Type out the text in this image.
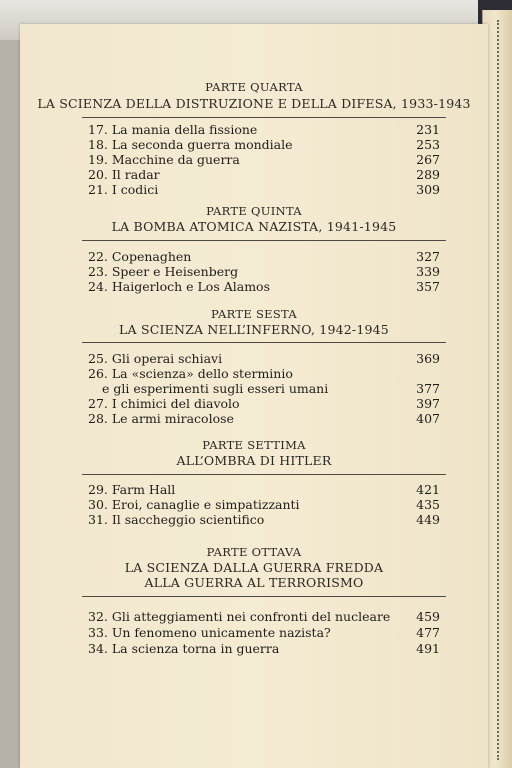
PARTE QUARTA
LA SCIENZA DELLA DISTRUZIONE E DELLA DIFESA, 1933-1943
17. La mania della fissione	231
18. La seconda guerra mondiale	253
19. Macchine da guerra	267
20. Il radar	289
21. I codici	309
PARTE QUINTA
LA BOMBA ATOMICA NAZISTA, 1941-1945
22. Copenaghen	327
23. Speer e Heisenberg	339
24. Haigerloch e Los Alamos	357
PARTE SESTA
LA SCIENZA NELL’INFERNO, 1942-1945
25. Gli operai schiavi	369
26. La «scienza» dello sterminio
e gli esperimenti sugli esseri umani	377
27. I chimici del diavolo	397
28. Le armi miracolose	407
PARTE SETTIMA
ALL’OMBRA DI HITLER
29. Farm Hall	421
30. Eroi, canaglie e simpatizzanti	435
31. Il saccheggio scientifico	449
PARTE OTTAVA
LA SCIENZA DALLA GUERRA FREDDA
ALLA GUERRA AL TERRORISMO
32. Gli atteggiamenti nei confronti del nucleare 459
33. Un fenomeno unicamente nazista?	477
34. La scienza torna in guerra	491
